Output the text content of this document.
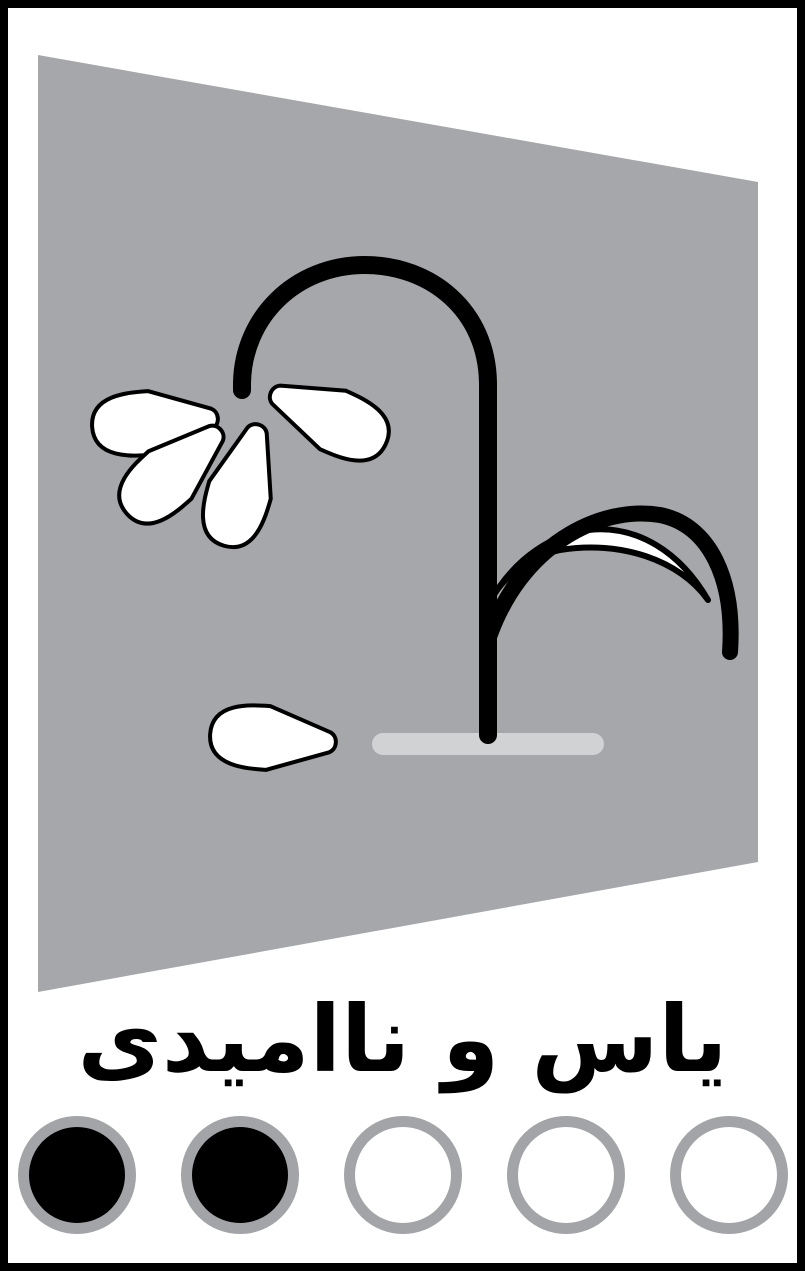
یاس و ناامیدی
